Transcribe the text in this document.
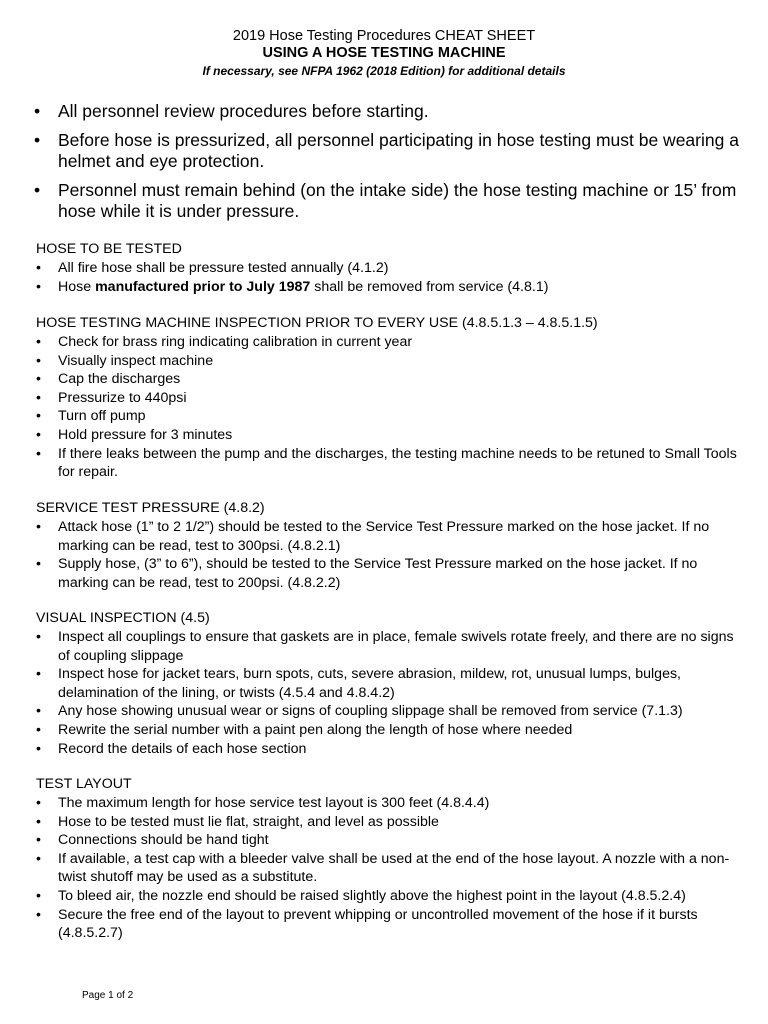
2019 Hose Testing Procedures CHEAT SHEET
USING A HOSE TESTING MACHINE
If necessary, see NFPA 1962 (2018 Edition) for additional details
• All personnel review procedures before starting.
• Before hose is pressurized, all personnel participating in hose testing must be wearing a helmet and eye protection.
• Personnel must remain behind (on the intake side) the hose testing machine or 15’ from hose while it is under pressure.
HOSE TO BE TESTED
• All fire hose shall be pressure tested annually (4.1.2)
• Hose manufactured prior to July 1987 shall be removed from service (4.8.1)
HOSE TESTING MACHINE INSPECTION PRIOR TO EVERY USE (4.8.5.1.3 – 4.8.5.1.5)
• Check for brass ring indicating calibration in current year
• Visually inspect machine
• Cap the discharges
• Pressurize to 440psi
• Turn off pump
• Hold pressure for 3 minutes
• If there leaks between the pump and the discharges, the testing machine needs to be retuned to Small Tools for repair.
SERVICE TEST PRESSURE (4.8.2)
• Attack hose (1” to 2 1/2”) should be tested to the Service Test Pressure marked on the hose jacket. If no marking can be read, test to 300psi. (4.8.2.1)
• Supply hose, (3” to 6”), should be tested to the Service Test Pressure marked on the hose jacket. If no marking can be read, test to 200psi. (4.8.2.2)
VISUAL INSPECTION (4.5)
• Inspect all couplings to ensure that gaskets are in place, female swivels rotate freely, and there are no signs of coupling slippage
• Inspect hose for jacket tears, burn spots, cuts, severe abrasion, mildew, rot, unusual lumps, bulges, delamination of the lining, or twists (4.5.4 and 4.8.4.2)
• Any hose showing unusual wear or signs of coupling slippage shall be removed from service (7.1.3)
• Rewrite the serial number with a paint pen along the length of hose where needed
• Record the details of each hose section
TEST LAYOUT
• The maximum length for hose service test layout is 300 feet (4.8.4.4)
• Hose to be tested must lie flat, straight, and level as possible
• Connections should be hand tight
• If available, a test cap with a bleeder valve shall be used at the end of the hose layout. A nozzle with a non-twist shutoff may be used as a substitute.
• To bleed air, the nozzle end should be raised slightly above the highest point in the layout (4.8.5.2.4)
• Secure the free end of the layout to prevent whipping or uncontrolled movement of the hose if it bursts (4.8.5.2.7)
Page 1 of 2
